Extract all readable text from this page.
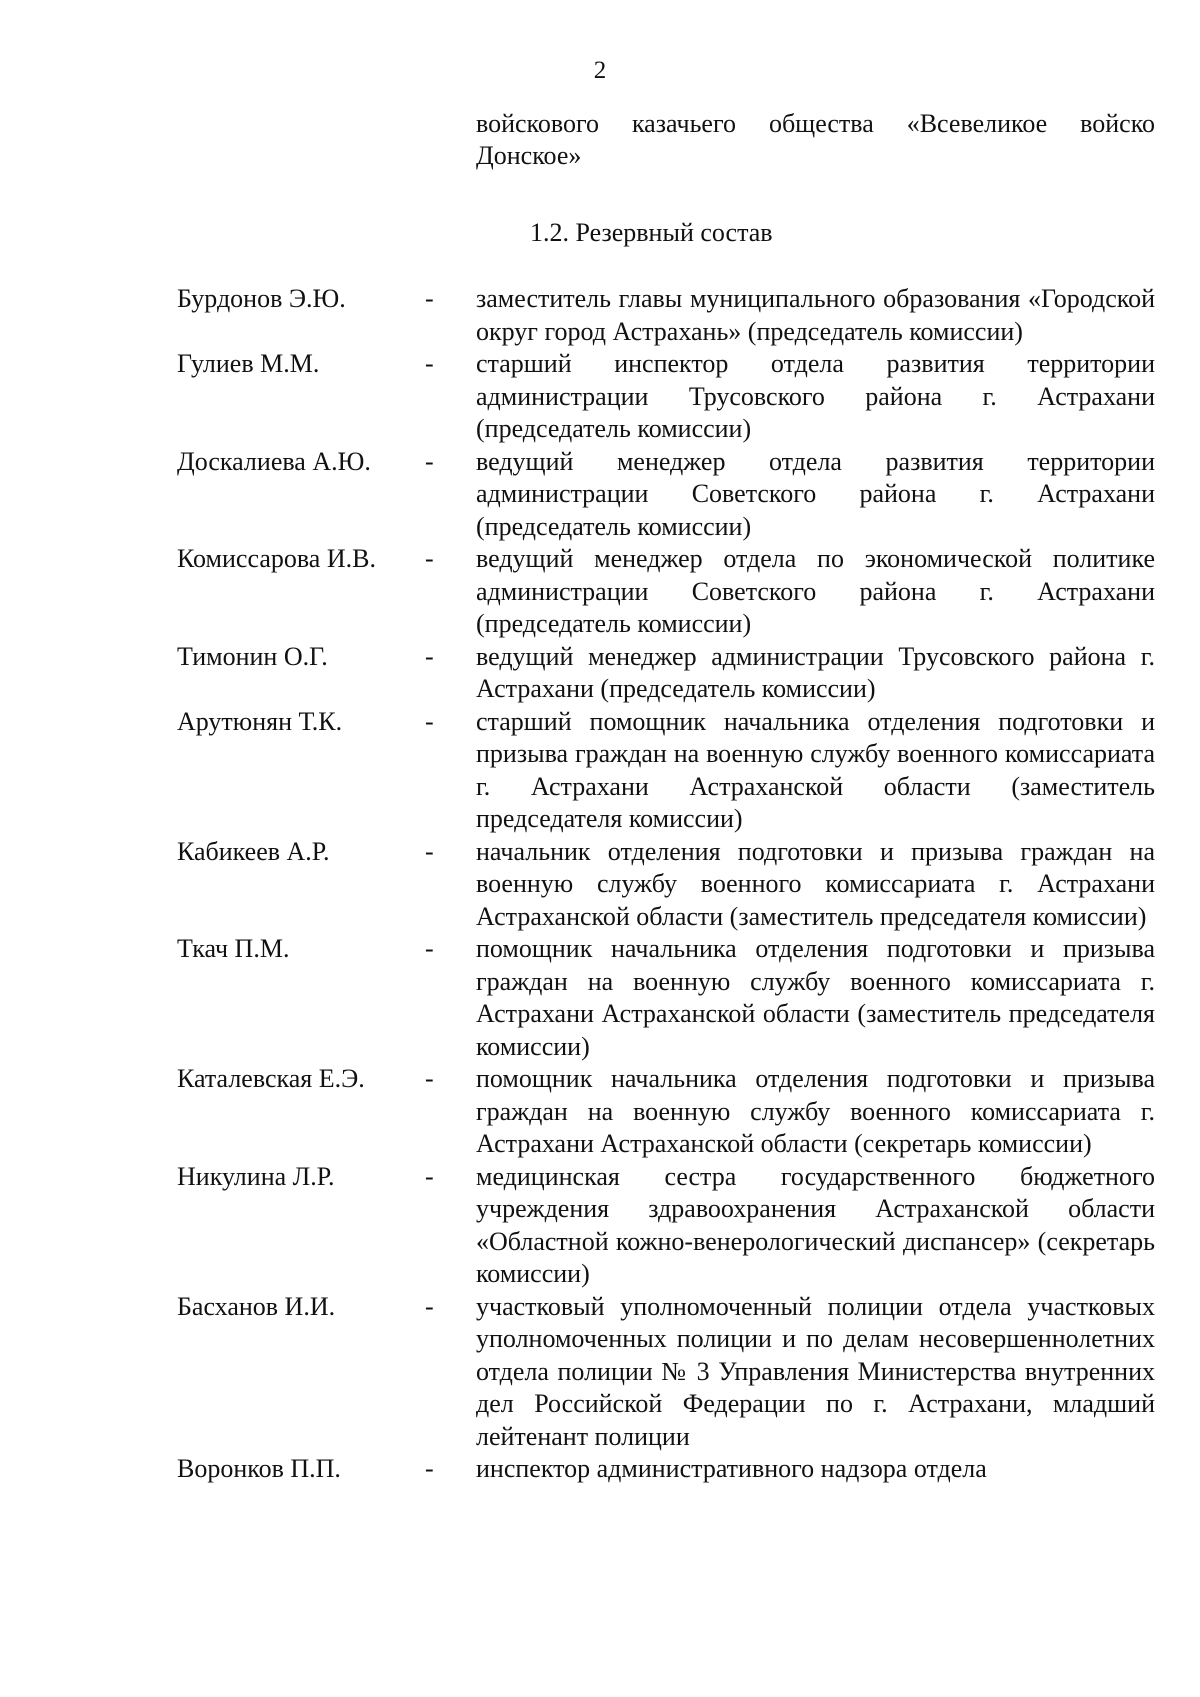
2
войскового казачьего общества «Всевеликое войско Донское»
1.2. Резервный состав
Бурдонов Э.Ю.	-	заместитель главы муниципального образования «Городской округ город Астрахань» (председатель комиссии)
Гулиев М.М.	-	старший инспектор отдела развития территории администрации Трусовского района г. Астрахани (председатель комиссии)
Доскалиева А.Ю.	-	ведущий менеджер отдела развития территории администрации Советского района г. Астрахани (председатель комиссии)
Комиссарова И.В.	-	ведущий менеджер отдела по экономической политике администрации Советского района г. Астрахани (председатель комиссии)
Тимонин О.Г.	-	ведущий менеджер администрации Трусовского района г. Астрахани (председатель комиссии)
Арутюнян Т.К.	-	старший помощник начальника отделения подготовки и призыва граждан на военную службу военного комиссариата г. Астрахани Астраханской области (заместитель председателя комиссии)
Кабикеев А.Р.	-	начальник отделения подготовки и призыва граждан на военную службу военного комиссариата г. Астрахани Астраханской области (заместитель председателя комиссии)
Ткач П.М.	-	помощник начальника отделения подготовки и призыва граждан на военную службу военного комиссариата г. Астрахани Астраханской области (заместитель председателя комиссии)
Каталевская Е.Э.	-	помощник начальника отделения подготовки и призыва граждан на военную службу военного комиссариата г. Астрахани Астраханской области (секретарь комиссии)
Никулина Л.Р.	-	медицинская сестра государственного бюджетного учреждения здравоохранения Астраханской области «Областной кожно-венерологический диспансер» (секретарь комиссии)
Басханов И.И.	-	участковый уполномоченный полиции отдела участковых уполномоченных полиции и по делам несовершеннолетних отдела полиции № 3 Управления Министерства внутренних дел Российской Федерации по г. Астрахани, младший лейтенант полиции
Воронков П.П.	-	инспектор административного надзора отдела
